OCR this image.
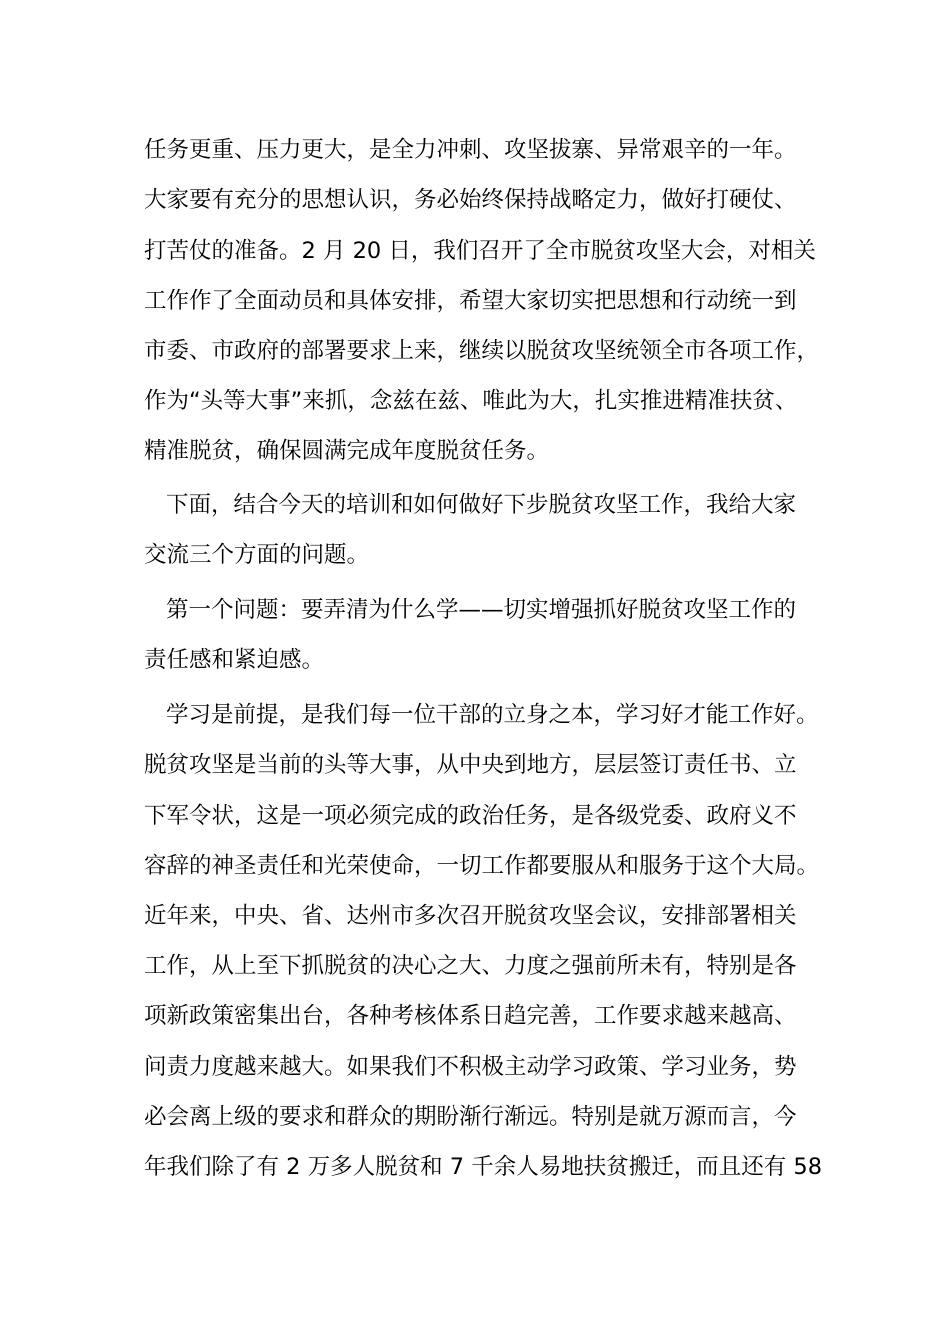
任务更重、压力更大，是全力冲刺、攻坚拔寨、异常艰辛的一年。
大家要有充分的思想认识，务必始终保持战略定力，做好打硬仗、
打苦仗的准备。2 月 20 日，我们召开了全市脱贫攻坚大会，对相关
工作作了全面动员和具体安排，希望大家切实把思想和行动统一到
市委、市政府的部署要求上来，继续以脱贫攻坚统领全市各项工作，
作为“头等大事”来抓，念兹在兹、唯此为大，扎实推进精准扶贫、
精准脱贫，确保圆满完成年度脱贫任务。
下面，结合今天的培训和如何做好下步脱贫攻坚工作，我给大家
交流三个方面的问题。
第一个问题：要弄清为什么学——切实增强抓好脱贫攻坚工作的
责任感和紧迫感。
学习是前提，是我们每一位干部的立身之本，学习好才能工作好。
脱贫攻坚是当前的头等大事，从中央到地方，层层签订责任书、立
下军令状，这是一项必须完成的政治任务，是各级党委、政府义不
容辞的神圣责任和光荣使命，一切工作都要服从和服务于这个大局。
近年来，中央、省、达州市多次召开脱贫攻坚会议，安排部署相关
工作，从上至下抓脱贫的决心之大、力度之强前所未有，特别是各
项新政策密集出台，各种考核体系日趋完善，工作要求越来越高、
问责力度越来越大。如果我们不积极主动学习政策、学习业务，势
必会离上级的要求和群众的期盼渐行渐远。特别是就万源而言，今
年我们除了有 2 万多人脱贫和 7 千余人易地扶贫搬迁，而且还有 58
